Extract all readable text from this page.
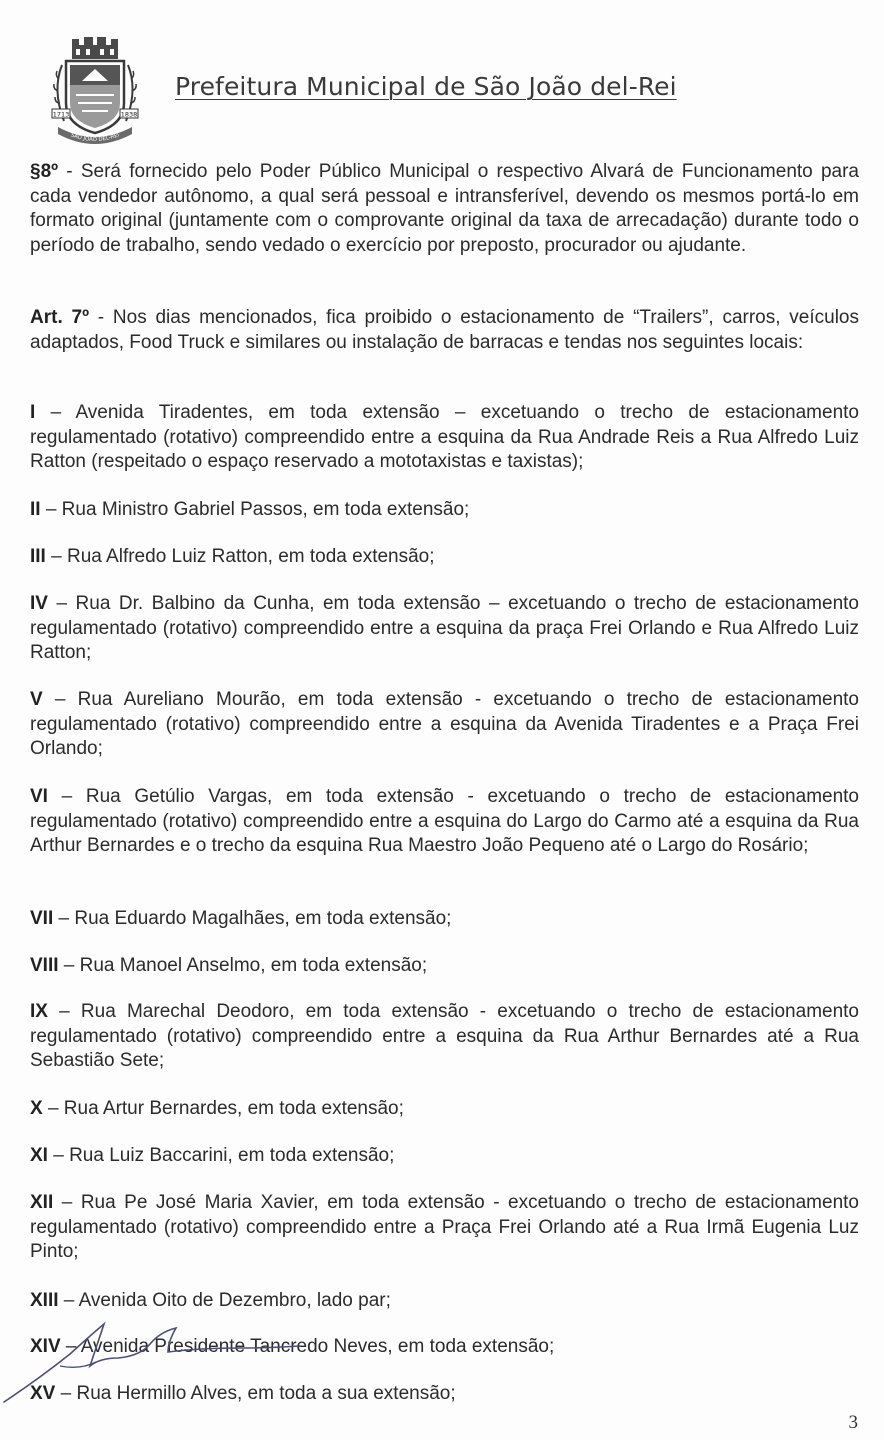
1713	1838
SÃO JOÃO DEL-REI
Prefeitura Municipal de São João del-Rei

§8º - Será fornecido pelo Poder Público Municipal o respectivo Alvará de Funcionamento para cada vendedor autônomo, a qual será pessoal e intransferível, devendo os mesmos portá-lo em formato original (juntamente com o comprovante original da taxa de arrecadação) durante todo o período de trabalho, sendo vedado o exercício por preposto, procurador ou ajudante.

Art. 7º - Nos dias mencionados, fica proibido o estacionamento de “Trailers”, carros, veículos adaptados, Food Truck e similares ou instalação de barracas e tendas nos seguintes locais:

I – Avenida Tiradentes, em toda extensão – excetuando o trecho de estacionamento regulamentado (rotativo) compreendido entre a esquina da Rua Andrade Reis a Rua Alfredo Luiz Ratton (respeitado o espaço reservado a mototaxistas e taxistas);

II – Rua Ministro Gabriel Passos, em toda extensão;

III – Rua Alfredo Luiz Ratton, em toda extensão;

IV – Rua Dr. Balbino da Cunha, em toda extensão – excetuando o trecho de estacionamento regulamentado (rotativo) compreendido entre a esquina da praça Frei Orlando e Rua Alfredo Luiz Ratton;

V – Rua Aureliano Mourão, em toda extensão - excetuando o trecho de estacionamento regulamentado (rotativo) compreendido entre a esquina da Avenida Tiradentes e a Praça Frei Orlando;

VI – Rua Getúlio Vargas, em toda extensão - excetuando o trecho de estacionamento regulamentado (rotativo) compreendido entre a esquina do Largo do Carmo até a esquina da Rua Arthur Bernardes e o trecho da esquina Rua Maestro João Pequeno até o Largo do Rosário;

VII – Rua Eduardo Magalhães, em toda extensão;

VIII – Rua Manoel Anselmo, em toda extensão;

IX – Rua Marechal Deodoro, em toda extensão - excetuando o trecho de estacionamento regulamentado (rotativo) compreendido entre a esquina da Rua Arthur Bernardes até a Rua Sebastião Sete;

X – Rua Artur Bernardes, em toda extensão;

XI – Rua Luiz Baccarini, em toda extensão;

XII – Rua Pe José Maria Xavier, em toda extensão - excetuando o trecho de estacionamento regulamentado (rotativo) compreendido entre a Praça Frei Orlando até a Rua Irmã Eugenia Luz Pinto;

XIII – Avenida Oito de Dezembro, lado par;

XIV – Avenida Presidente Tancredo Neves, em toda extensão;

XV – Rua Hermillo Alves, em toda a sua extensão;

3
